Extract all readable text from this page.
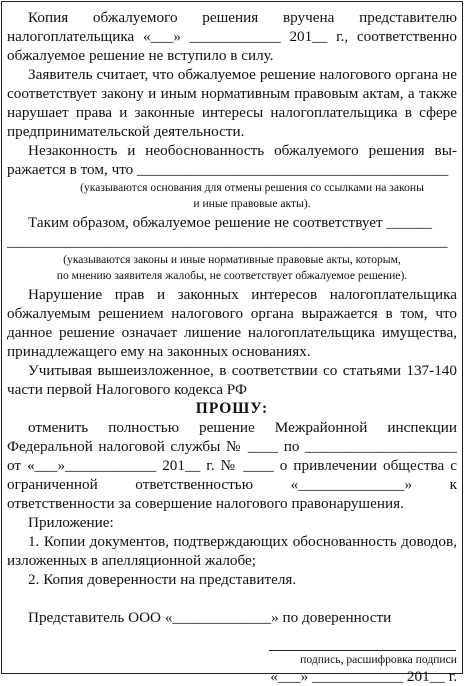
Копия обжалуемого решения вручена представителю налогоплательщика «___» ____________ 201__ г., соответственно обжалуемое решение не вступило в силу.

Заявитель считает, что обжалуемое решение налогового органа не соответствует закону и иным нормативным правовым актам, а также нарушает права и законные интересы налогоплательщика в сфере предпринимательской деятельности.

Незаконность и необоснованность обжалуемого решения вы-

ражается в том, что _________________________________________

(указываются основания для отмены решения со ссылками на законы
и иные правовые акты).

Таким образом, обжалуемое решение не соответствует ______

__________________________________________________________

(указываются законы и иные нормативные правовые акты, которым,
по мнению заявителя жалобы, не соответствует обжалуемое решение).

Нарушение прав и законных интересов налогоплательщика обжалуемым решением налогового органа выражается в том, что данное решение означает лишение налогоплательщика имущества, принадлежащего ему на законных основаниях.

Учитывая вышеизложенное, в соответствии со статьями 137-140 части первой Налогового кодекса РФ

ПРОШУ:

отменить полностью решение Межрайонной инспекции Федеральной налоговой службы № ____ по ____________________ от «___»____________ 201__ г. № ____ о привлечении общества с ограниченной ответственностью «______________» к ответственности за совершение налогового правонарушения.

Приложение:

1. Копии документов, подтверждающих обоснованность доводов, изложенных в апелляционной жалобе;

2. Копия доверенности на представителя.

Представитель ООО «_____________» по доверенности

подпись, расшифровка подписи

«___» ____________ 201__ г.
